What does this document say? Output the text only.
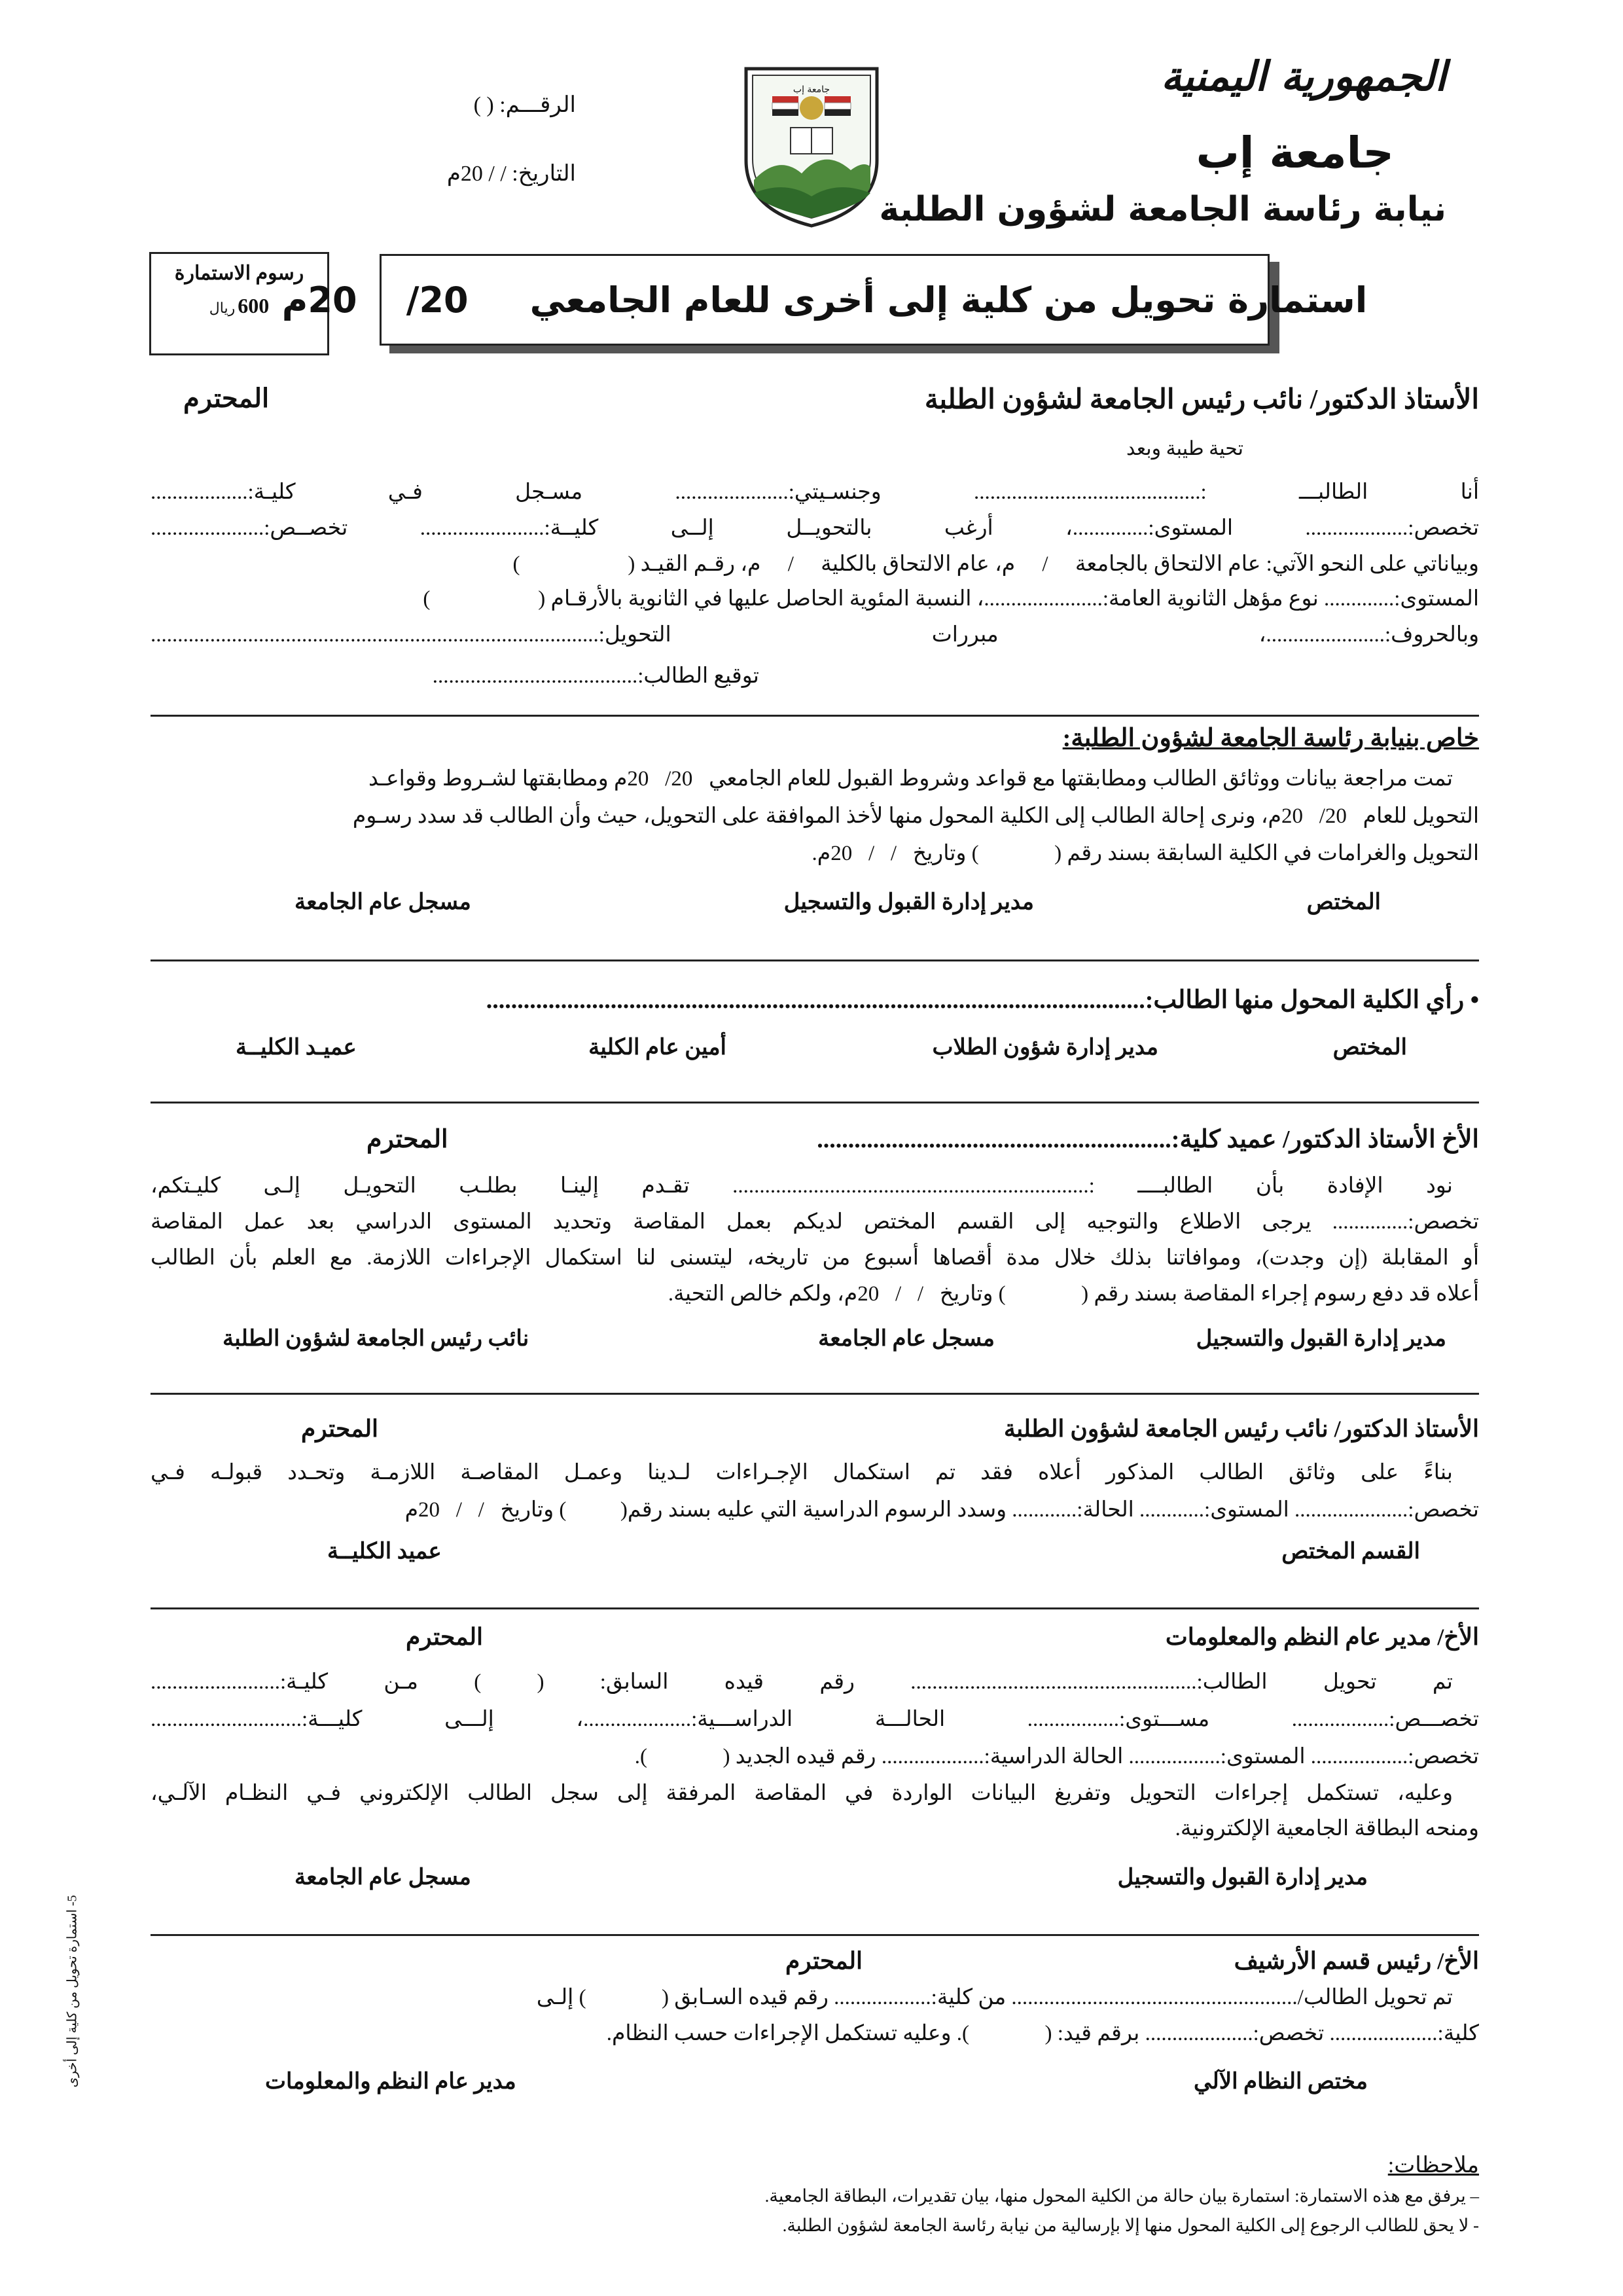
الجمهورية اليمنية
جامعة إب
نيابة رئاسة الجامعة لشؤون الطلبة
جامعة إب
الرقـــم: ( )
التاريخ: / / 20م
رسوم الاستمارة
600 ريال	استمارة تحويل من كلية إلى أخرى للعام الجامعي     20/    20م
الأستاذ الدكتور/ نائب رئيس الجامعة لشؤون الطلبة
المحترم
تحية طيبة وبعد
أنا الطالبـــ :.......................................... وجنسـيتي:..................... مسـجل فـي كليـة:..................
تخصص:................... المستوى:..............، أرغب بالتحويــل إلــى كليــة:....................... تخصــص:.....................
وبياناتي على النحو الآتي: عام الالتحاق بالجامعة     /     م، عام الالتحاق بالكلية     /     م، رقـم القيـد (                    )
المستوى:............. نوع مؤهل الثانوية العامة:......................، النسبة المئوية الحاصل عليها في الثانوية بالأرقـام (                    )
وبالحروف:......................، مبررات التحويل:...................................................................................
توقيع الطالب:......................................
خاص بنيابة رئاسة الجامعة لشؤون الطلبة:
تمت مراجعة بيانات ووثائق الطالب ومطابقتها مع قواعد وشروط القبول للعام الجامعي   20/   20م ومطابقتها لشـروط وقواعـد
التحويل للعام   20/   20م، ونرى إحالة الطالب إلى الكلية المحول منها لأخذ الموافقة على التحويل، حيث وأن الطالب قد سدد رسـوم
التحويل والغرامات في الكلية السابقة بسند رقم (              ) وتاريخ   /   /   20م.
المختص
مدير إدارة القبول والتسجيل
مسجل عام الجامعة
• رأي الكلية المحول منها الطالب:..........................................................................................................
المختص
مدير إدارة شؤون الطلاب
أمين عام الكلية
عميـد الكليــة
الأخ الأستاذ الدكتور/ عميد كلية:.........................................................
المحترم
نود الإفادة بأن الطالبــــ :.................................................................. تقـدم إلينـا بطلـب التحويـل إلـى كليـتكم،
تخصص:.............. يرجى الاطلاع والتوجيه إلى القسم المختص لديكم بعمل المقاصة وتحديد المستوى الدراسي بعد عمل المقاصة
أو المقابلة (إن وجدت)، وموافاتنا بذلك خلال مدة أقصاها أسبوع من تاريخه، ليتسنى لنا استكمال الإجراءات اللازمة. مع العلم بأن الطالب
أعلاه قد دفع رسوم إجراء المقاصة بسند رقم (              ) وتاريخ   /   /   20م، ولكم خالص التحية.
مدير إدارة القبول والتسجيل
مسجل عام الجامعة
نائب رئيس الجامعة لشؤون الطلبة
الأستاذ الدكتور/ نائب رئيس الجامعة لشؤون الطلبة
المحترم
بناءً على وثائق الطالب المذكور أعلاه فقد تم استكمال الإجـراءات لـدينا وعمـل المقاصـة اللازمـة وتحـدد قبولـه فـي
تخصص:..................... المستوى:............ الحالة:............ وسدد الرسوم الدراسية التي عليه بسند رقم(          ) وتاريخ   /   /   20م
القسم المختص
عميد الكليــة
الأخ/ مدير عام النظم والمعلومات
المحترم
تم تحويل الطالب:..................................................... رقم قيده السابق: ( ) مـن كليـة:........................
تخصـــص:.................. مســـتوى:................. الحالـــة الدراســـية:....................، إلـــى كليـــة:............................
تخصص:.................. المستوى:................. الحالة الدراسية:................... رقم قيده الجديد (              ).
وعليه، تستكمل إجراءات التحويل وتفريغ البيانات الواردة في المقاصة المرفقة إلى سجل الطالب الإلكتروني فـي النظـام الآلـي،
ومنحه البطاقة الجامعية الإلكترونية.
مدير إدارة القبول والتسجيل
مسجل عام الجامعة
الأخ/ رئيس قسم الأرشيف
المحترم
تم تحويل الطالب/..................................................... من كلية:.................. رقم قيده السـابق (              ) إلـى
كلية:.................... تخصص:.................... برقم قيد: (              ). وعليه تستكمل الإجراءات حسب النظام.
مختص النظام الآلي
مدير عام النظم والمعلومات
ملاحظات:
– يرفق مع هذه الاستمارة: استمارة بيان حالة من الكلية المحول منها، بيان تقديرات، البطاقة الجامعية.
- لا يحق للطالب الرجوع إلى الكلية المحول منها إلا بإرسالية من نيابة رئاسة الجامعة لشؤون الطلبة.
5- استمارة تحويل من كلية إلى أخرى
